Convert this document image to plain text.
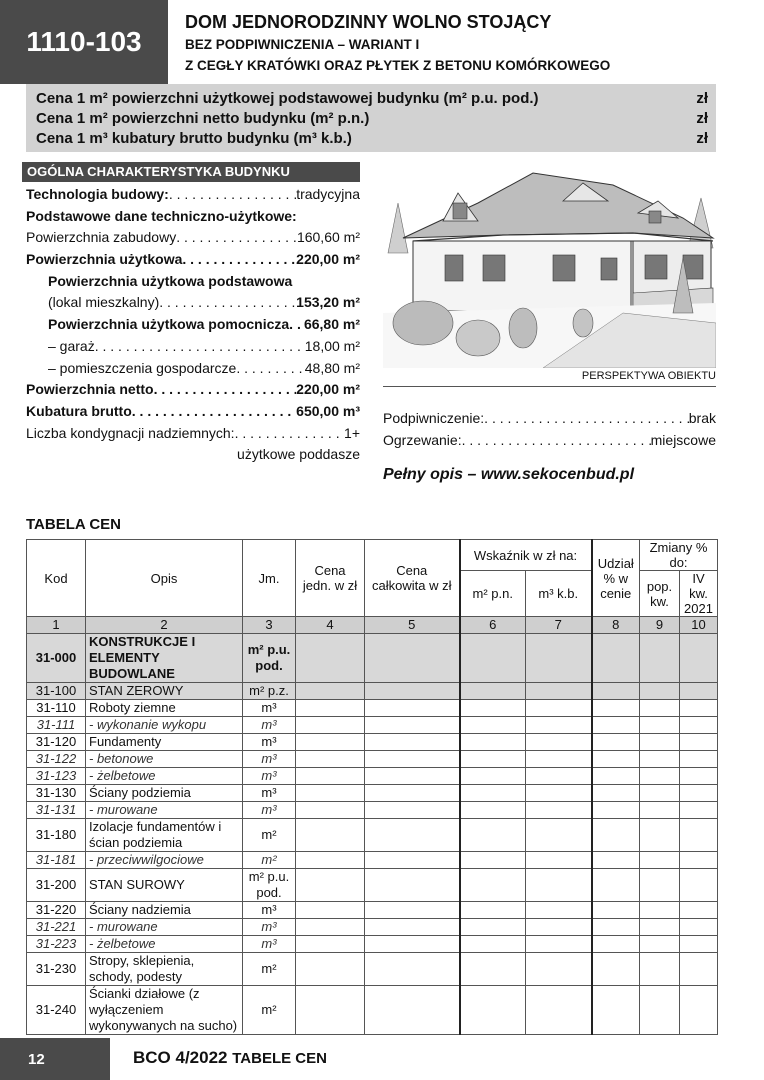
1110-103
DOM JEDNORODZINNY WOLNO STOJĄCY
BEZ PODPIWNICZENIA – WARIANT I
Z CEGŁY KRATÓWKI ORAZ PŁYTEK Z BETONU KOMÓRKOWEGO
Cena 1 m² powierzchni użytkowej podstawowej budynku (m² p.u. pod.)	zł
Cena 1 m² powierzchni netto budynku (m² p.n.)	zł
Cena 1 m³ kubatury brutto budynku (m³ k.b.)	zł
OGÓLNA CHARAKTERYSTYKA BUDYNKU
Technologia budowy: . . .	tradycyjna
Podstawowe dane techniczno-użytkowe:
Powierzchnia zabudowy . . .	160,60 m²
Powierzchnia użytkowa . . .	220,00 m²
Powierzchnia użytkowa podstawowa
(lokal mieszkalny) . . .	153,20 m²
Powierzchnia użytkowa pomocnicza . . . 66,80 m²
– garaż . . .	18,00 m²
– pomieszczenia gospodarcze . . .	48,80 m²
Powierzchnia netto . . .	220,00 m²
Kubatura brutto . . .	650,00 m³
Liczba kondygnacji nadziemnych: . . .	1+
użytkowe poddasze
PERSPEKTYWA OBIEKTU
Podpiwniczenie: . . .	brak
Ogrzewanie: . . .	miejscowe
Pełny opis – www.sekocenbud.pl
TABELA CEN
Kod	Opis	Jm.	Cena jedn. w zł	Cena całkowita w zł	Wskaźnik w zł na:		Udział % w cenie	Zmiany % do:	
					m² p.n.	m³ k.b.		pop. kw.	IV kw. 2021
1	2	3	4	5	6	7	8	9	10
31-000	KONSTRUKCJE I ELEMENTY BUDOWLANE	m² p.u. pod.							
31-100	STAN ZEROWY	m² p.z.							
31-110	Roboty ziemne	m³							
31-111	- wykonanie wykopu	m³							
31-120	Fundamenty	m³							
31-122	- betonowe	m³							
31-123	- żelbetowe	m³							
31-130	Ściany podziemia	m³							
31-131	- murowane	m³							
31-180	Izolacje fundamentów i ścian podziemia	m²							
31-181	- przeciwwilgociowe	m²							
31-200	STAN SUROWY	m² p.u. pod.							
31-220	Ściany nadziemia	m³							
31-221	- murowane	m³							
31-223	- żelbetowe	m³							
31-230	Stropy, sklepienia, schody, podesty	m²							
31-240	Ścianki działowe (z wyłączeniem wykonywanych na sucho)	m²							
12	BCO 4/2022 TABELE CEN
